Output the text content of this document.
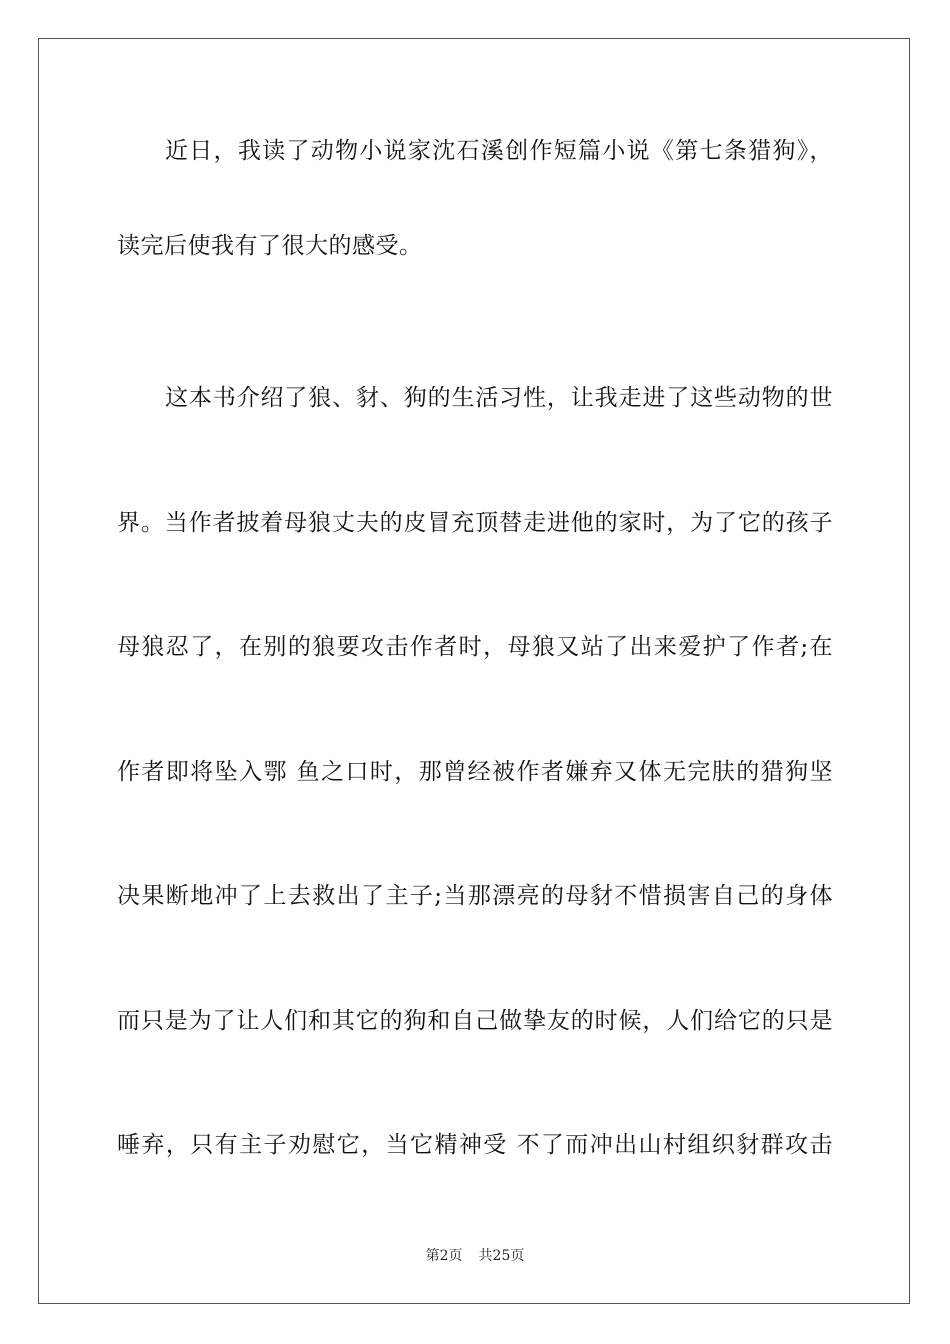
近日，我读了动物小说家沈石溪创作短篇小说《第七条猎狗》，
读完后使我有了很大的感受。
这本书介绍了狼、豺、狗的生活习性，让我走进了这些动物的世
界。当作者披着母狼丈夫的皮冒充顶替走进他的家时，为了它的孩子
母狼忍了，在别的狼要攻击作者时，母狼又站了出来爱护了作者;在
作者即将坠入鄂 鱼之口时，那曾经被作者嫌弃又体无完肤的猎狗坚
决果断地冲了上去救出了主子;当那漂亮的母豺不惜损害自己的身体
而只是为了让人们和其它的狗和自己做挚友的时候，人们给它的只是
唾弃，只有主子劝慰它，当它精神受 不了而冲出山村组织豺群攻击
第2页 共25页
